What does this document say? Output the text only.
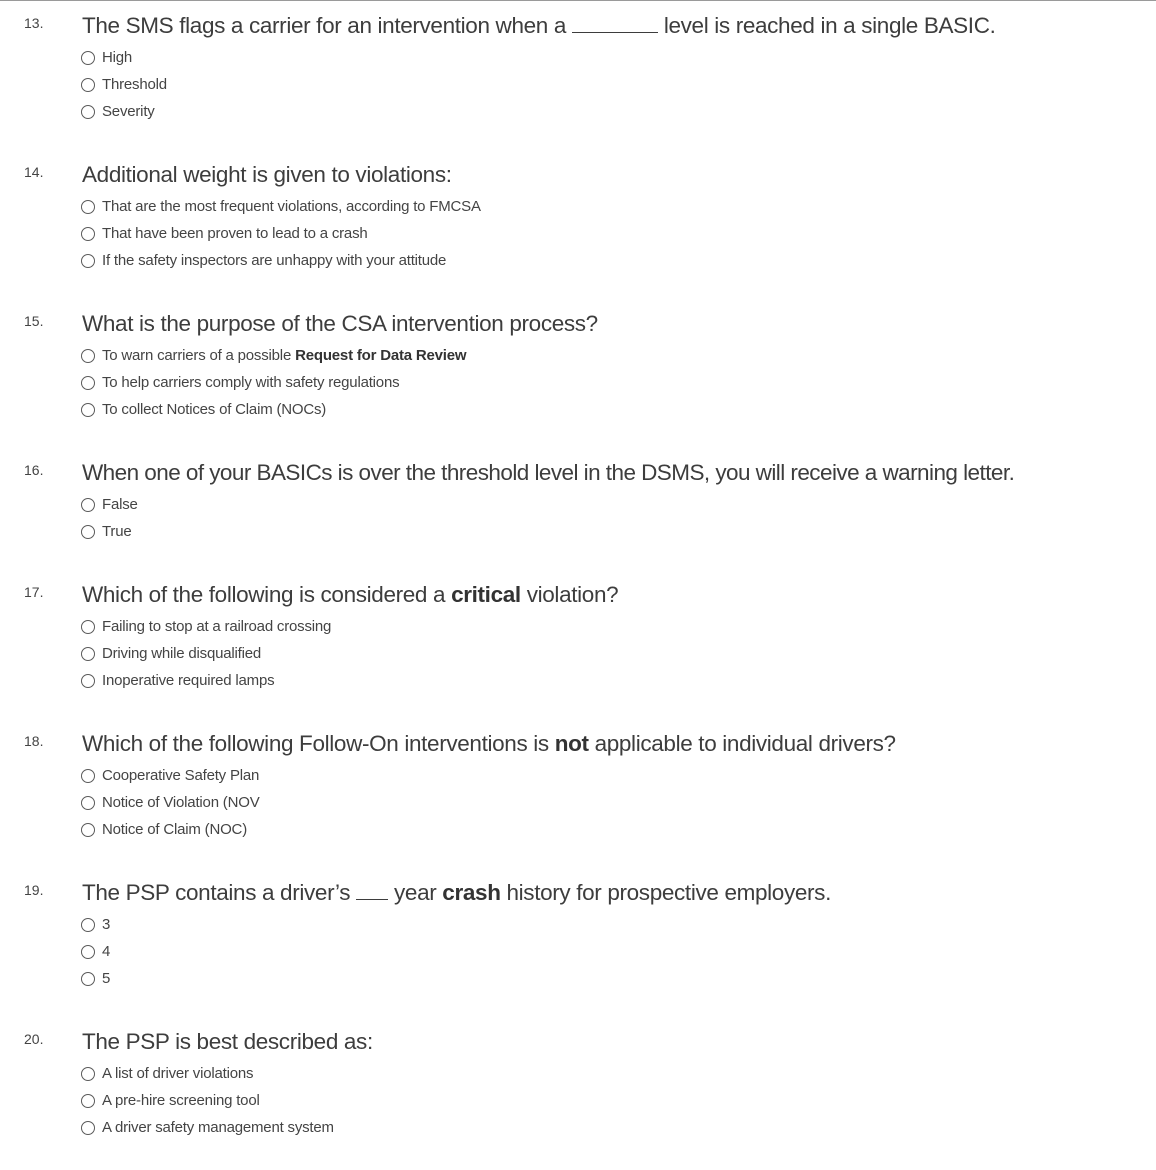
13. The SMS flags a carrier for an intervention when a	level is reached in a single BASIC.
High
Threshold
Severity
14. Additional weight is given to violations:
That are the most frequent violations, according to FMCSA
That have been proven to lead to a crash
If the safety inspectors are unhappy with your attitude
15. What is the purpose of the CSA intervention process?
To warn carriers of a possible Request for Data Review
To help carriers comply with safety regulations
To collect Notices of Claim (NOCs)
16. When one of your BASICs is over the threshold level in the DSMS, you will receive a warning letter.
False
True
17. Which of the following is considered a critical violation?
Failing to stop at a railroad crossing
Driving while disqualified
Inoperative required lamps
18. Which of the following Follow-On interventions is not applicable to individual drivers?
Cooperative Safety Plan
Notice of Violation (NOV
Notice of Claim (NOC)
19. The PSP contains a driver’s year crash history for prospective employers.
3
4
5
20. The PSP is best described as:
A list of driver violations
A pre-hire screening tool
A driver safety management system
